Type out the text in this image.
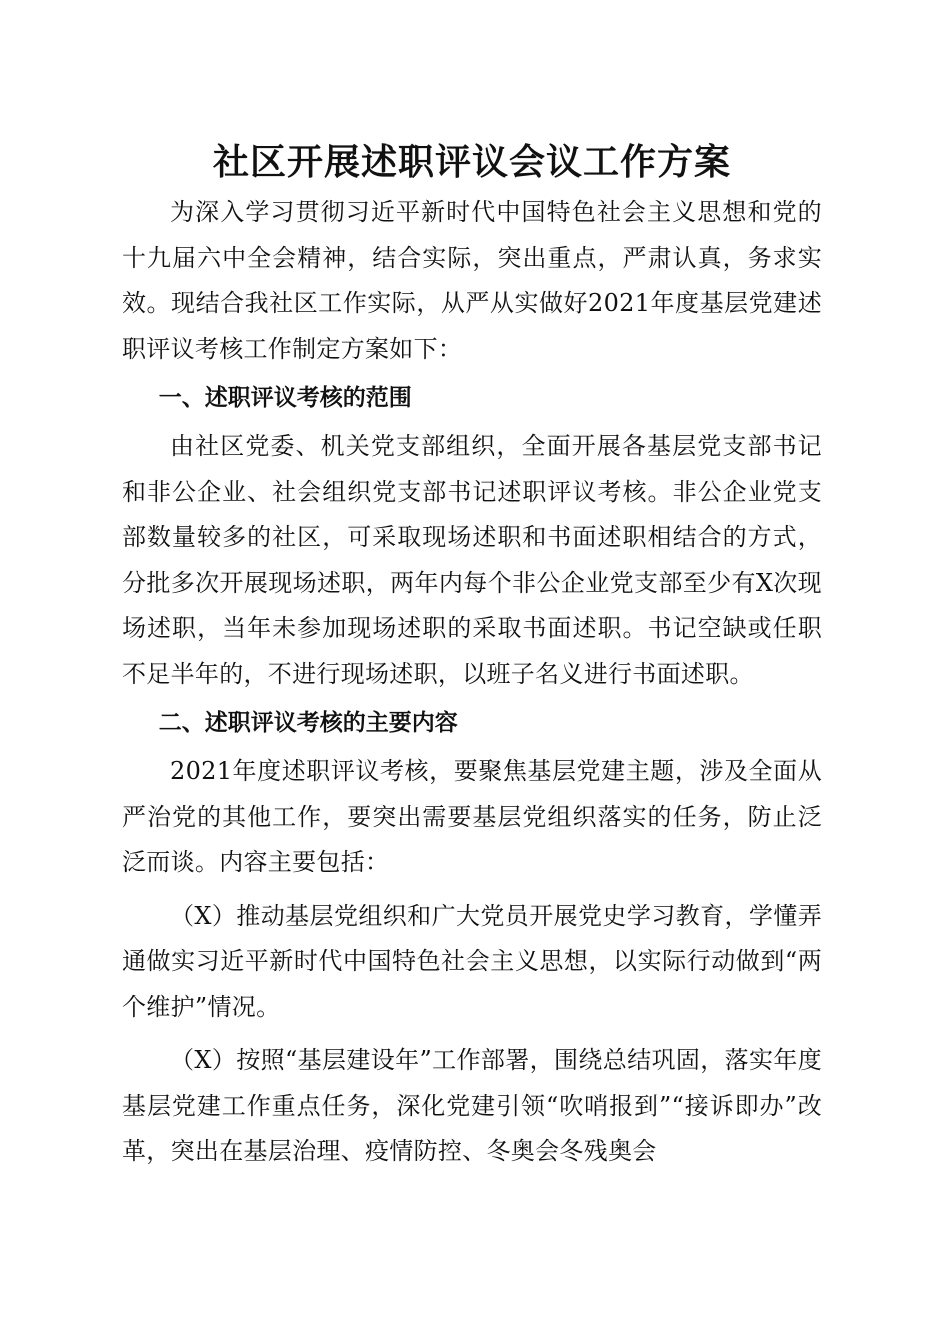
社区开展述职评议会议工作方案

为深入学习贯彻习近平新时代中国特色社会主义思想和党的十九届六中全会精神，结合实际，突出重点，严肃认真，务求实效。现结合我社区工作实际，从严从实做好2021年度基层党建述职评议考核工作制定方案如下：

一、述职评议考核的范围

由社区党委、机关党支部组织，全面开展各基层党支部书记和非公企业、社会组织党支部书记述职评议考核。非公企业党支部数量较多的社区，可采取现场述职和书面述职相结合的方式，分批多次开展现场述职，两年内每个非公企业党支部至少有X次现场述职，当年未参加现场述职的采取书面述职。书记空缺或任职不足半年的，不进行现场述职，以班子名义进行书面述职。

二、述职评议考核的主要内容

2021年度述职评议考核，要聚焦基层党建主题，涉及全面从严治党的其他工作，要突出需要基层党组织落实的任务，防止泛泛而谈。内容主要包括：

（X）推动基层党组织和广大党员开展党史学习教育，学懂弄通做实习近平新时代中国特色社会主义思想，以实际行动做到“两个维护”情况。

（X）按照“基层建设年”工作部署，围绕总结巩固，落实年度基层党建工作重点任务，深化党建引领“吹哨报到”“接诉即办”改革，突出在基层治理、疫情防控、冬奥会冬残奥会
